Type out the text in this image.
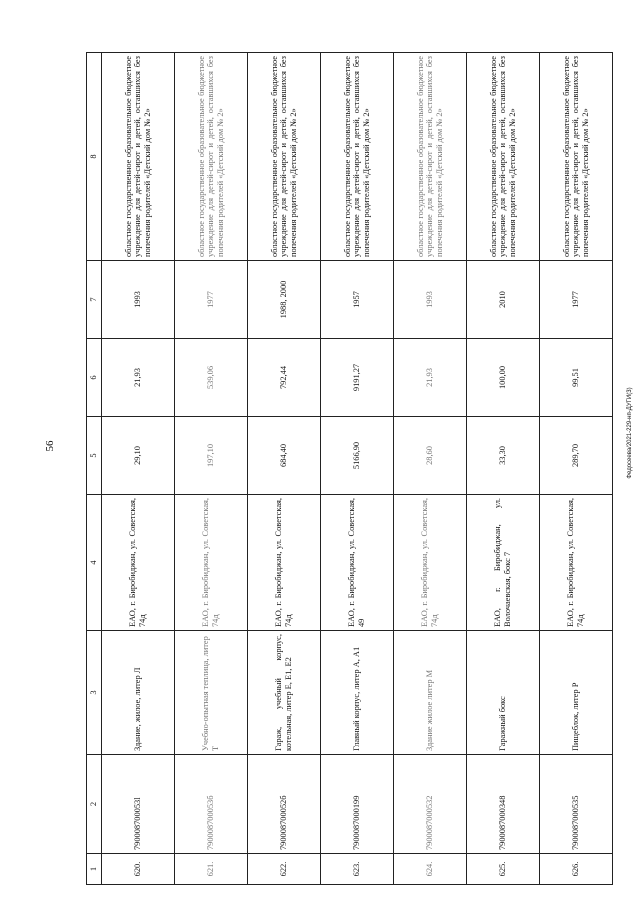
56	Федосеева/2021-229-нп-ДУГИ(3)
1	2	3	4	5	6	7	8
620.	790008700053l	Здание, жилое, литер Л	ЕАО, г. Биробиджан, ул. Советская, 74д	29,10	21,93	1993	областное государственное образовательное бюджетное учреждение для детей-сирот и детей, оставшихся без попечения родителей «Детский дом № 2»
621.	790008700053б	Учебно-опытная теплица, литер Т	ЕАО, г. Биробиджан, ул. Советская, 74д	197,10	539,06	1977	областное государственное образовательное бюджетное учреждение для детей-сирот и детей, оставшихся без попечения родителей «Детский дом № 2»
622.	790008700052б	Гараж, учебный корпус, котельная, литер Е, Е1, Е2	ЕАО, г. Биробиджан, ул. Советская, 74д	684,40	792,44	1988, 2000	областное государственное образовательное бюджетное учреждение для детей-сирот и детей, оставшихся без попечения родителей «Детский дом № 2»
623.	7900087000199	Главный корпус, литер А, А1	ЕАО, г. Биробиджан, ул. Советская, 49	5166,90	9191,27	1957	областное государственное образовательное бюджетное учреждение для детей-сирот и детей, оставшихся без попечения родителей «Детский дом № 2»
624.	7900087000532	Здание жилое литер М	ЕАО, г. Биробиджан, ул. Советская, 74д	28,60	21,93	1993	областное государственное образовательное бюджетное учреждение для детей-сирот и детей, оставшихся без попечения родителей «Детский дом № 2»
625.	7900087000348	Гаражный бокс	ЕАО, г. Биробиджан, ул. Волочаевская, бокс 7	33,30	100,00	2010	областное государственное образовательное бюджетное учреждение для детей-сирот и детей, оставшихся без попечения родителей «Детский дом № 2»
626.	7900087000535	Пищеблок, литер Р	ЕАО, г. Биробиджан, ул. Советская, 74д	289,70	99,51	1977	областное государственное образовательное бюджетное учреждение для детей-сирот и детей, оставшихся без попечения родителей «Детский дом № 2»
